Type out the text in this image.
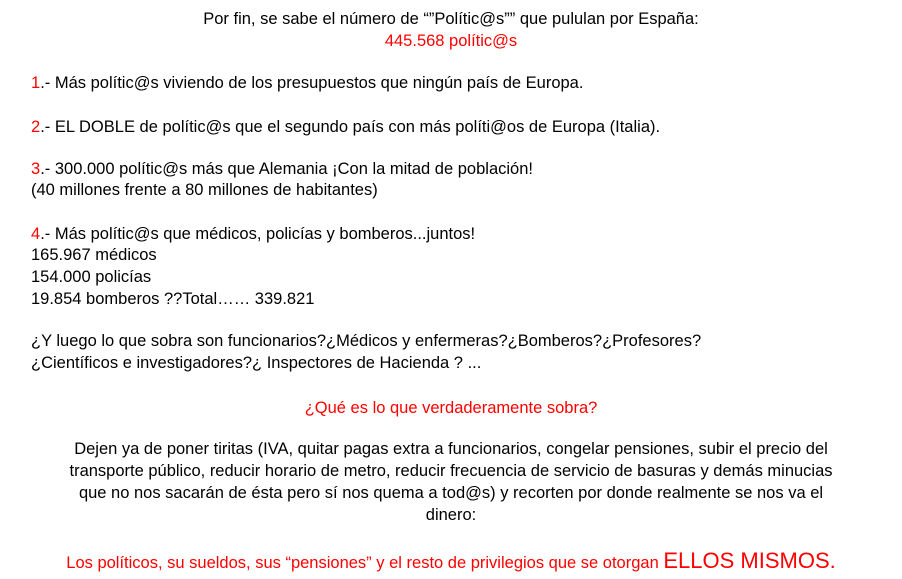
Por fin, se sabe el número de “”Polític@s”” que pululan por España:
445.568 polític@s
1.- Más polític@s viviendo de los presupuestos que ningún país de Europa.
2.- EL DOBLE de polític@s que el segundo país con más políti@os de Europa (Italia).
3.- 300.000 polític@s más que Alemania ¡Con la mitad de población!
(40 millones frente a 80 millones de habitantes)
4.- Más polític@s que médicos, policías y bomberos...juntos!
165.967 médicos
154.000 policías
19.854 bomberos ??Total…… 339.821
¿Y luego lo que sobra son funcionarios?¿Médicos y enfermeras?¿Bomberos?¿Profesores?
¿Científicos e investigadores?¿ Inspectores de Hacienda ? ...
¿Qué es lo que verdaderamente sobra?
Dejen ya de poner tiritas (IVA, quitar pagas extra a funcionarios, congelar pensiones, subir el precio del
transporte público, reducir horario de metro, reducir frecuencia de servicio de basuras y demás minucias
que no nos sacarán de ésta pero sí nos quema a tod@s) y recorten por donde realmente se nos va el
dinero:
Los políticos, su sueldos, sus “pensiones” y el resto de privilegios que se otorgan ELLOS MISMOS.
